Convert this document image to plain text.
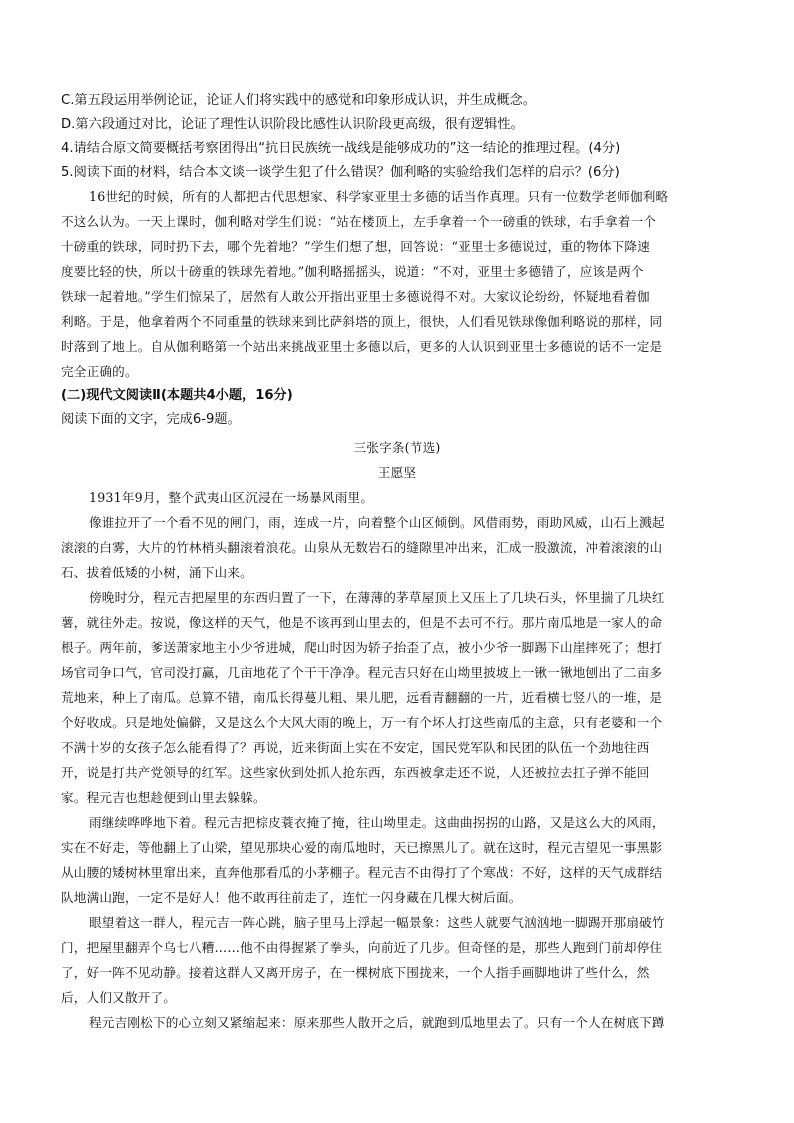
C.第五段运用举例论证，论证人们将实践中的感觉和印象形成认识，并生成概念。
D.第六段通过对比，论证了理性认识阶段比感性认识阶段更高级，很有逻辑性。
4.请结合原文简要概括考察团得出“抗日民族统一战线是能够成功的”这一结论的推理过程。(4分)
5.阅读下面的材料，结合本文谈一谈学生犯了什么错误？伽利略的实验给我们怎样的启示？(6分)
16世纪的时候，所有的人都把古代思想家、科学家亚里士多德的话当作真理。只有一位数学老师伽利略
不这么认为。一天上课时，伽利略对学生们说：“站在楼顶上，左手拿着一个一磅重的铁球，右手拿着一个
十磅重的铁球，同时扔下去，哪个先着地？”学生们想了想，回答说：“亚里士多德说过，重的物体下降速
度要比轻的快，所以十磅重的铁球先着地。”伽利略摇摇头，说道：“不对，亚里士多德错了，应该是两个
铁球一起着地。”学生们惊呆了，居然有人敢公开指出亚里士多德说得不对。大家议论纷纷，怀疑地看着伽
利略。于是，他拿着两个不同重量的铁球来到比萨斜塔的顶上，很快，人们看见铁球像伽利略说的那样，同
时落到了地上。自从伽利略第一个站出来挑战亚里士多德以后，更多的人认识到亚里士多德说的话不一定是
完全正确的。
(二)现代文阅读Ⅱ(本题共4小题，16分)
阅读下面的文字，完成6-9题。
三张字条(节选)
王愿坚
1931年9月，整个武夷山区沉浸在一场暴风雨里。
像谁拉开了一个看不见的闸门，雨，连成一片，向着整个山区倾倒。风借雨势，雨助风威，山石上溅起
滚滚的白雾，大片的竹林梢头翻滚着浪花。山泉从无数岩石的缝隙里冲出来，汇成一股激流，冲着滚滚的山
石、拔着低矮的小树，涌下山来。
傍晚时分，程元吉把屋里的东西归置了一下，在薄薄的茅草屋顶上又压上了几块石头，怀里揣了几块红
薯，就往外走。按说，像这样的天气，他是不该再到山里去的，但是不去可不行。那片南瓜地是一家人的命
根子。两年前，爹送萧家地主小少爷进城，爬山时因为轿子抬歪了点，被小少爷一脚踢下山崖摔死了；想打
场官司争口气，官司没打赢，几亩地花了个干干净净。程元吉只好在山坳里披坡上一锹一锹地刨出了二亩多
荒地来，种上了南瓜。总算不错，南瓜长得蔓儿粗、果儿肥，远看青翻翻的一片，近看横七竖八的一堆，是
个好收成。只是地处偏僻，又是这么个大风大雨的晚上，万一有个坏人打这些南瓜的主意，只有老婆和一个
不满十岁的女孩子怎么能看得了？再说，近来街面上实在不安定，国民党军队和民团的队伍一个劲地往西
开，说是打共产党领导的红军。这些家伙到处抓人抢东西，东西被拿走还不说，人还被拉去扛子弹不能回
家。程元吉也想趁便到山里去躲躲。
雨继续哗哗地下着。程元吉把棕皮蓑衣掩了掩，往山坳里走。这曲曲拐拐的山路，又是这么大的风雨，
实在不好走，等他翻上了山梁，望见那块心爱的南瓜地时，天已擦黑儿了。就在这时，程元吉望见一事黑影
从山腰的矮树林里窜出来，直奔他那看瓜的小茅棚子。程元吉不由得打了个寒战：不好，这样的天气成群结
队地满山跑，一定不是好人！他不敢再往前走了，连忙一闪身藏在几棵大树后面。
眼望着这一群人，程元吉一阵心跳，脑子里马上浮起一幅景象：这些人就要气汹汹地一脚踢开那扇破竹
门，把屋里翻弄个乌七八糟……他不由得握紧了拳头，向前近了几步。但奇怪的是，那些人跑到门前却停住
了，好一阵不见动静。接着这群人又离开房子，在一棵树底下围拢来，一个人指手画脚地讲了些什么，然
后，人们又散开了。
程元吉刚松下的心立刻又紧缩起来：原来那些人散开之后，就跑到瓜地里去了。只有一个人在树底下蹲
